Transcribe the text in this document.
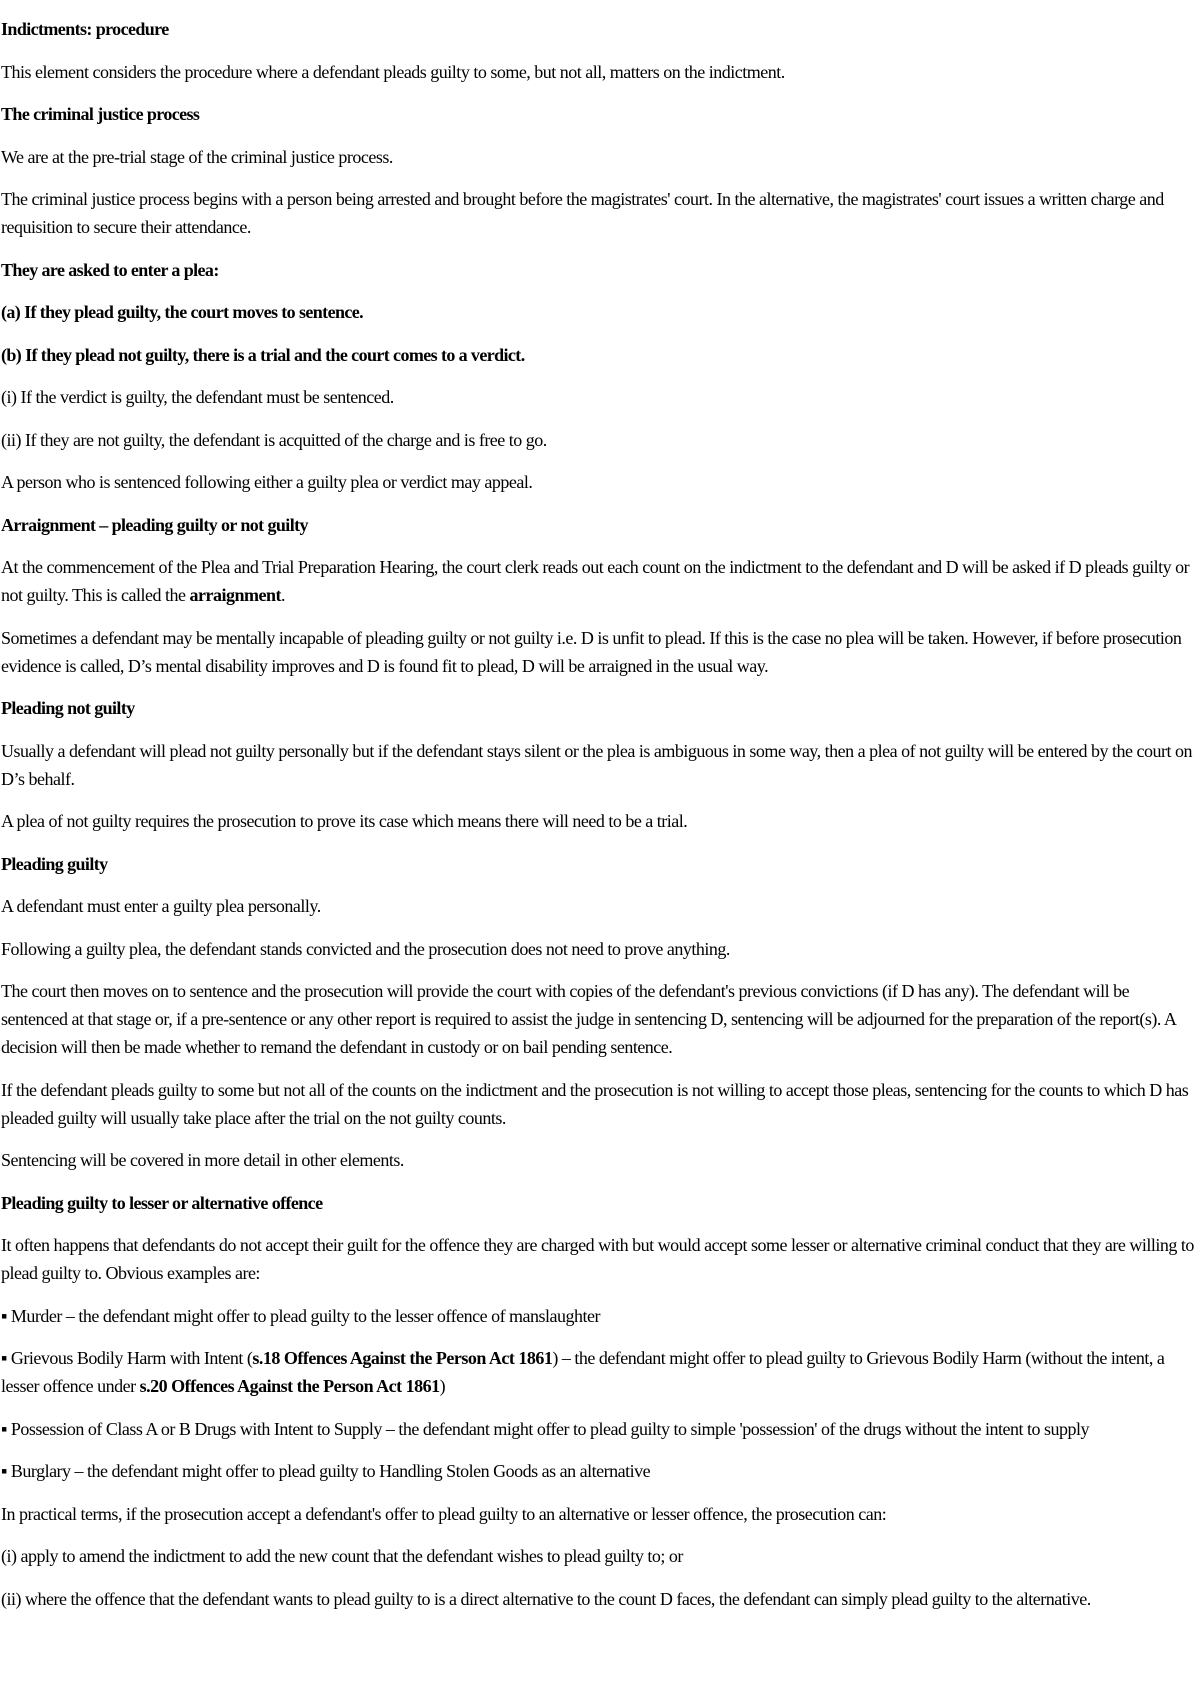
Indictments: procedure

This element considers the procedure where a defendant pleads guilty to some, but not all, matters on the indictment.

The criminal justice process

We are at the pre-trial stage of the criminal justice process.

The criminal justice process begins with a person being arrested and brought before the magistrates' court. In the alternative, the magistrates' court issues a written charge and requisition to secure their attendance.

They are asked to enter a plea:

(a) If they plead guilty, the court moves to sentence.

(b) If they plead not guilty, there is a trial and the court comes to a verdict.

(i) If the verdict is guilty, the defendant must be sentenced.

(ii) If they are not guilty, the defendant is acquitted of the charge and is free to go.

A person who is sentenced following either a guilty plea or verdict may appeal.

Arraignment – pleading guilty or not guilty

At the commencement of the Plea and Trial Preparation Hearing, the court clerk reads out each count on the indictment to the defendant and D will be asked if D pleads guilty or not guilty. This is called the arraignment.

Sometimes a defendant may be mentally incapable of pleading guilty or not guilty i.e. D is unfit to plead. If this is the case no plea will be taken. However, if before prosecution evidence is called, D’s mental disability improves and D is found fit to plead, D will be arraigned in the usual way.

Pleading not guilty

Usually a defendant will plead not guilty personally but if the defendant stays silent or the plea is ambiguous in some way, then a plea of not guilty will be entered by the court on D’s behalf.

A plea of not guilty requires the prosecution to prove its case which means there will need to be a trial.

Pleading guilty

A defendant must enter a guilty plea personally.

Following a guilty plea, the defendant stands convicted and the prosecution does not need to prove anything.

The court then moves on to sentence and the prosecution will provide the court with copies of the defendant's previous convictions (if D has any). The defendant will be sentenced at that stage or, if a pre-sentence or any other report is required to assist the judge in sentencing D, sentencing will be adjourned for the preparation of the report(s). A decision will then be made whether to remand the defendant in custody or on bail pending sentence.

If the defendant pleads guilty to some but not all of the counts on the indictment and the prosecution is not willing to accept those pleas, sentencing for the counts to which D has pleaded guilty will usually take place after the trial on the not guilty counts.

Sentencing will be covered in more detail in other elements.

Pleading guilty to lesser or alternative offence

It often happens that defendants do not accept their guilt for the offence they are charged with but would accept some lesser or alternative criminal conduct that they are willing to plead guilty to. Obvious examples are:

▪ Murder – the defendant might offer to plead guilty to the lesser offence of manslaughter

▪ Grievous Bodily Harm with Intent (s.18 Offences Against the Person Act 1861) – the defendant might offer to plead guilty to Grievous Bodily Harm (without the intent, a lesser offence under s.20 Offences Against the Person Act 1861)

▪ Possession of Class A or B Drugs with Intent to Supply – the defendant might offer to plead guilty to simple 'possession' of the drugs without the intent to supply

▪ Burglary – the defendant might offer to plead guilty to Handling Stolen Goods as an alternative

In practical terms, if the prosecution accept a defendant's offer to plead guilty to an alternative or lesser offence, the prosecution can:

(i) apply to amend the indictment to add the new count that the defendant wishes to plead guilty to; or

(ii) where the offence that the defendant wants to plead guilty to is a direct alternative to the count D faces, the defendant can simply plead guilty to the alternative.
